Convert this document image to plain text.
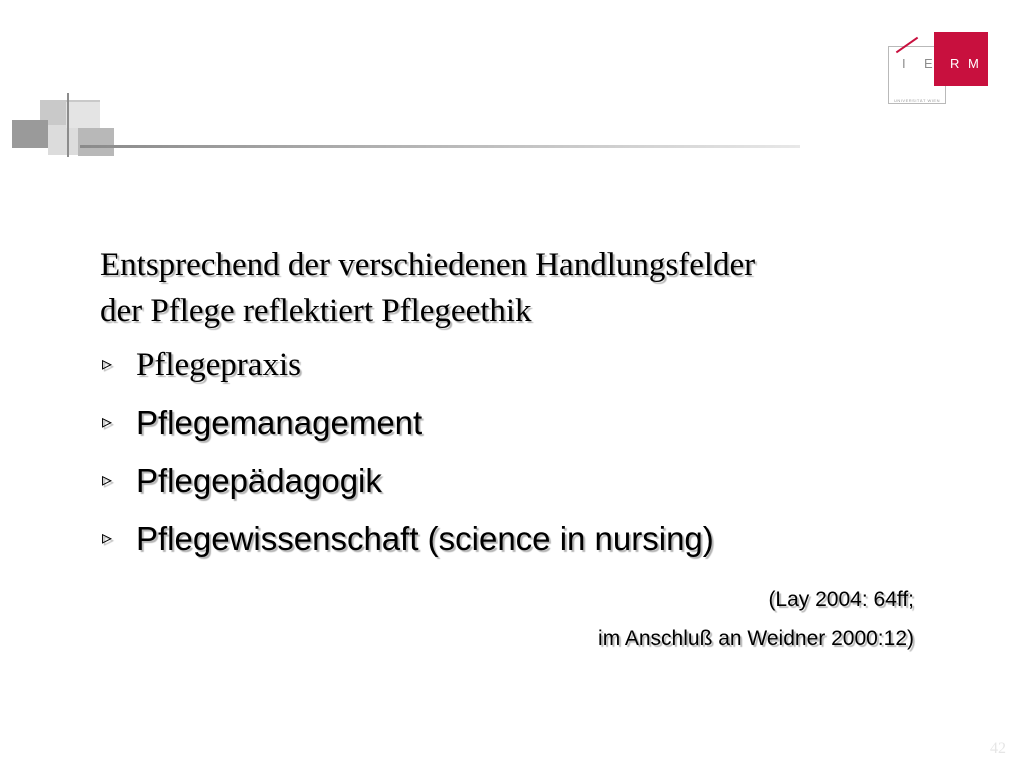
I E R M
UNIVERSITÄT WIEN

Entsprechend der verschiedenen Handlungsfelder
der Pflege reflektiert Pflegeethik

▹ Pflegepraxis

▹ Pflegemanagement

▹ Pflegepädagogik

▹ Pflegewissenschaft (science in nursing)

(Lay 2004: 64ff;
im Anschluß an Weidner 2000:12)
42
